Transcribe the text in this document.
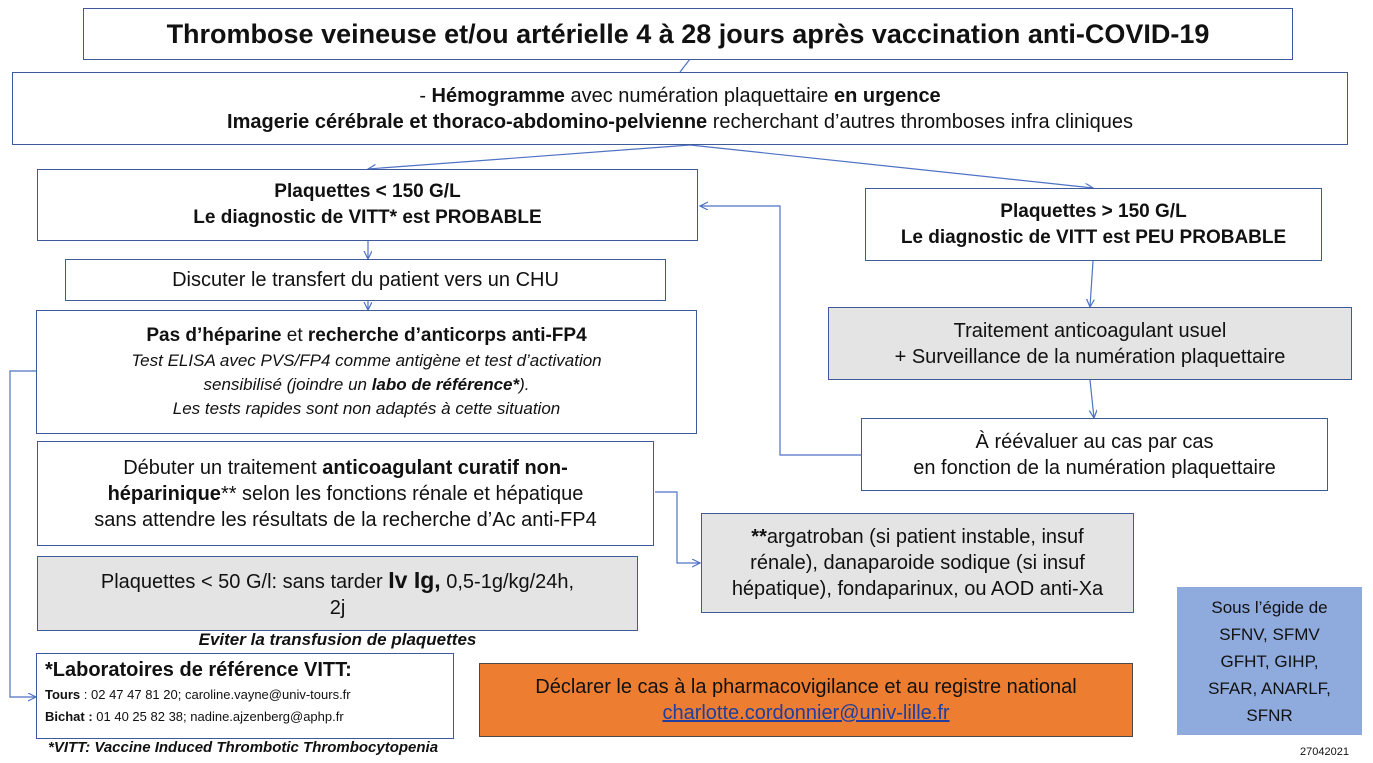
Thrombose veineuse et/ou artérielle 4 à 28 jours après vaccination anti-COVID-19
- Hémogramme avec numération plaquettaire en urgence
Imagerie cérébrale et thoraco-abdomino-pelvienne recherchant d’autres thromboses infra cliniques
Plaquettes < 150 G/L
Le diagnostic de VITT* est PROBABLE	Plaquettes > 150 G/L
Le diagnostic de VITT est PEU PROBABLE
Discuter le transfert du patient vers un CHU
Pas d’héparine et recherche d’anticorps anti-FP4
Test ELISA avec PVS/FP4 comme antigène et test d’activation
sensibilisé (joindre un labo de référence*).
Les tests rapides sont non adaptés à cette situation
Traitement anticoagulant usuel
+ Surveillance de la numération plaquettaire
À réévaluer au cas par cas
en fonction de la numération plaquettaire
Débuter un traitement anticoagulant curatif non-
héparinique** selon les fonctions rénale et hépatique
sans attendre les résultats de la recherche d’Ac anti-FP4
**argatroban (si patient instable, insuf
rénale), danaparoide sodique (si insuf
hépatique), fondaparinux, ou AOD anti-Xa
Plaquettes < 50 G/l: sans tarder Iv Ig, 0,5-1g/kg/24h,
2j
Eviter la transfusion de plaquettes
*Laboratoires de référence VITT:
Tours : 02 47 47 81 20; caroline.vayne@univ-tours.fr
Bichat : 01 40 25 82 38; nadine.ajzenberg@aphp.fr
*VITT: Vaccine Induced Thrombotic Thrombocytopenia
Déclarer le cas à la pharmacovigilance et au registre national
charlotte.cordonnier@univ-lille.fr
Sous l’égide de
SFNV, SFMV
GFHT, GIHP,
SFAR, ANARLF,
SFNR
27042021
